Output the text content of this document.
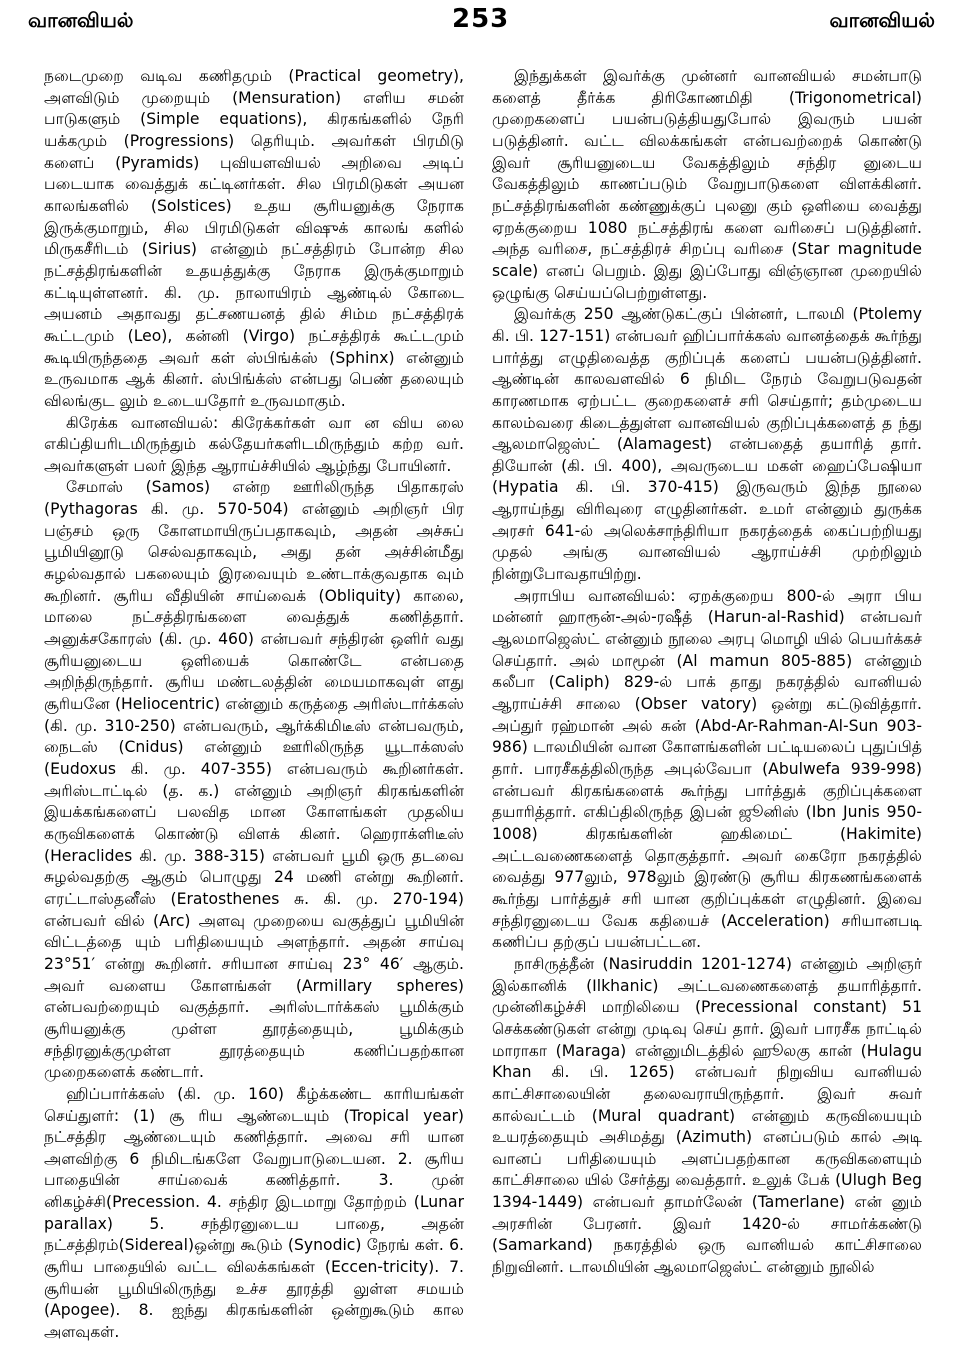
வானவியல்	253	வானவியல்

நடைமுறை வடிவ கணிதமும் (Practical geometry), அளவிடும் முறையும் (Mensuration) எளிய சமன் பாடுகளும் (Simple equations), கிரகங்களில் நேரி யக்கமும் (Progressions) தெரியும். அவர்கள் பிரமிடு களைப் (Pyramids) புவியளவியல் அறிவை அடிப் படையாக வைத்துக் கட்டினர்கள். சில பிரமிடுகள் அயன காலங்களில் (Solstices) உதய சூரியனுக்கு நேராக இருக்குமாறும், சில பிரமிடுகள் விஷுக் காலங் களில் மிருகசீரிடம் (Sirius) என்னும் நட்சத்திரம் போன்ற சில நட்சத்திரங்களின் உதயத்துக்கு நேராக இருக்குமாறும் கட்டியுள்ளனர். கி. மு. நாலாயிரம் ஆண்டில் கோடை அயனம் அதாவது தட்சணயனத் தில் சிம்ம நட்சத்திரக் கூட்டமும் (Leo), கன்னி (Virgo) நட்சத்திரக் கூட்டமும் கூடியிருந்ததை அவர் கள் ஸ்பிங்க்ஸ் (Sphinx) என்னும் உருவமாக ஆக் கினர். ஸ்பிங்க்ஸ் என்பது பெண் தலையும் விலங்குட லும் உடையதோர் உருவமாகும்.

கிரேக்க வானவியல்: கிரேக்கர்கள் வா ன விய லை எகிப்தியரிடமிருந்தும் கல்தேயர்களிடமிருந்தும் கற்ற வர். அவர்களுள் பலர் இந்த ஆராய்ச்சியில் ஆழ்ந்து போயினர்.

சேமாஸ் (Samos) என்ற ஊரிலிருந்த பிதாகரஸ் (Pythagoras கி. மு. 570-504) என்னும் அறிஞர் பிர பஞ்சம் ஒரு கோளமாயிருப்பதாகவும், அதன் அச்சுப் பூமியினூடு செல்வதாகவும், அது தன் அச்சின்மீது சுழல்வதால் பகலையும் இரவையும் உண்டாக்குவதாக வும் கூறினர். சூரிய வீதியின் சாய்வைக் (Obliquity) காலை, மாலை நட்சத்திரங்களை வைத்துக் கணித்தார். அனுக்சகோரஸ் (கி. மு. 460) என்பவர் சந்திரன் ஒளிர் வது சூரியனுடைய ஒளியைக் கொண்டே என்பதை அறிந்திருந்தார். சூரிய மண்டலத்தின் மையமாகவுள் ளது சூரியனே (Heliocentric) என்னும் கருத்தை அரிஸ்டார்க்கஸ் (கி. மு. 310-250) என்பவரும், ஆர்க்கிமிடீஸ் என்பவரும், நைடஸ் (Cnidus) என்னும் ஊரிலிருந்த யூடாக்ஸஸ் (Eudoxus கி. மு. 407-355) என்பவரும் கூறினர்கள். அரிஸ்டாட்டில் (த. க.) என்னும் அறிஞர் கிரகங்களின் இயக்கங்களைப் பலவித மான கோளங்கள் முதலிய கருவிகளைக் கொண்டு விளக் கினர். ஹெராக்ளிடீஸ் (Heraclides கி. மு. 388-315) என்பவர் பூமி ஒரு தடவை சுழல்வதற்கு ஆகும் பொழுது 24 மணி என்று கூறினர். எரட்டாஸ்தனீஸ் (Eratosthenes சு. கி. மு. 270-194) என்பவர் வில் (Arc) அளவு முறையை வகுத்துப் பூமியின் விட்டத்தை யும் பரிதியையும் அளந்தார். அதன் சாய்வு 23°51′ என்று கூறினர். சரியான சாய்வு 23° 46′ ஆகும். அவர் வளைய கோளங்கள் (Armillary spheres) என்பவற்றையும் வகுத்தார். அரிஸ்டார்க்கஸ் பூமிக்கும் சூரியனுக்கு முள்ள தூரத்தையும், பூமிக்கும் சந்திரனுக்குமுள்ள தூரத்தையும் கணிப்பதற்கான முறைகளைக் கண்டார்.

ஹிப்பார்க்கஸ் (கி. மு. 160) கீழ்க்கண்ட காரியங்கள் செய்துளர்: (1) சூ ரிய ஆண்டையும் (Tropical year) நட்சத்திர ஆண்டையும் கணித்தார். அவை சரி யான அளவிற்கு 6 நிமிடங்களே வேறுபாடுடையன. 2. சூரிய பாதையின் சாய்வைக் கணித்தார். 3. முன் னிகழ்ச்சி(Precession. 4. சந்திர இடமாறு தோற்றம் (Lunar parallax) 5. சந்திரனுடைய பாதை, அதன் நட்சத்திரம்(Sidereal)ஒன்று கூடும் (Synodic) நேரங் கள். 6. சூரிய பாதையில் வட்ட விலக்கங்கள் (Eccen-tricity). 7. சூரியன் பூமியிலிருந்து உச்ச தூரத்தி லுள்ள சமயம் (Apogee). 8. ஐந்து கிரகங்களின் ஒன்றுகூடும் கால அளவுகள்.

இந்துக்கள் இவர்க்கு முன்னர் வானவியல் சமன்பாடு களைத் தீர்க்க திரிகோணமிதி (Trigonometrical) முறைகளைப் பயன்படுத்தியதுபோல் இவரும் பயன் படுத்தினர். வட்ட விலக்கங்கள் என்பவற்றைக் கொண்டு இவர் சூரியனுடைய வேகத்திலும் சந்திர னுடைய வேகத்திலும் காணப்படும் வேறுபாடுகளை விளக்கினர். நட்சத்திரங்களின் கண்ணுக்குப் புலனு கும் ஒளியை வைத்து ஏறக்குறைய 1080 நட்சத்திரங் களை வரிசைப் படுத்தினர். அந்த வரிசை, நட்சத்திரச் சிறப்பு வரிசை (Star magnitude scale) எனப் பெறும். இது இப்போது விஞ்ஞான முறையில் ஒழுங்கு செய்யப்பெற்றுள்ளது.

இவர்க்கு 250 ஆண்டுகட்குப் பின்னர், டாலமி (Ptolemy கி. பி. 127-151) என்பவர் ஹிப்பார்க்கஸ் வானத்தைக் கூர்ந்து பார்த்து எழுதிவைத்த குறிப்புக் களைப் பயன்படுத்தினர். ஆண்டின் காலவளவில் 6 நிமிட நேரம் வேறுபடுவதன் காரணமாக ஏற்பட்ட குறைகளைச் சரி செய்தார்; தம்முடைய காலம்வரை கிடைத்துள்ள வானவியல் குறிப்புக்களைத் த ந்து ஆலமாஜெஸ்ட் (Alamagest) என்பதைத் தயாரித் தார். தியோன் (கி. பி. 400), அவருடைய மகள் ஹைப்பேஷியா (Hypatia கி. பி. 370-415) இருவரும் இந்த நூலை ஆராய்ந்து விரிவுரை எழுதினர்கள். உமர் என்னும் துருக்க அரசர் 641-ல் அலெக்சாந்திரியா நகரத்தைக் கைப்பற்றியது முதல் அங்கு வானவியல் ஆராய்ச்சி முற்றிலும் நின்றுபோவதாயிற்று.

அராபிய வானவியல்: ஏறக்குறைய 800-ல் அரா பிய மன்னர் ஹாரூன்-அல்-ரஷீத் (Harun-al-Rashid) என்பவர் ஆலமாஜெஸ்ட் என்னும் நூலை அரபு மொழி யில் பெயர்க்கச் செய்தார். அல் மாமூன் (Al mamun 805-885) என்னும் கலீபா (Caliph) 829-ல் பாக் தாது நகரத்தில் வானியல் ஆராய்ச்சி சாலை (Obser vatory) ஒன்று கட்டுவித்தார். அப்துர் ரஹ்மான் அல் சுன் (Abd-Ar-Rahman-Al-Sun 903-986) டாலமியின் வான கோளங்களின் பட்டியலைப் புதுப்பித் தார். பாரசீகத்திலிருந்த அபுல்வேபா (Abulwefa 939-998) என்பவர் கிரகங்களைக் கூர்ந்து பார்த்துக் குறிப்புக்களை தயாரித்தார். எகிப்திலிருந்த இபன் ஜூனிஸ் (Ibn Junis 950-1008) கிரகங்களின் ஹகிமைட் (Hakimite) அட்டவணைகளைத் தொகுத்தார். அவர் கைரோ நகரத்தில் வைத்து 977லும், 978லும் இரண்டு சூரிய கிரகணங்களைக் கூர்ந்து பார்த்துச் சரி யான குறிப்புக்கள் எழுதினர். இவை சந்திரனுடைய வேக கதியைச் (Acceleration) சரியானபடி கணிப்ப தற்குப் பயன்பட்டன.

நாசிருத்தீன் (Nasiruddin 1201-1274) என்னும் அறிஞர் இல்கானிக் (Ilkhanic) அட்டவணைகளைத் தயாரித்தார். முன்னிகழ்ச்சி மாறிலியை (Precessional constant) 51 செக்கண்டுகள் என்று முடிவு செய் தார். இவர் பாரசீக நாட்டில் மாராகா (Maraga) என்னுமிடத்தில் ஹூலகு கான் (Hulagu Khan கி. பி. 1265) என்பவர் நிறுவிய வானியல் காட்சிசாலையின் தலைவராயிருந்தார். இவர் சுவர் கால்வட்டம் (Mural quadrant) என்னும் கருவியையும் உயரத்தையும் அசிமத்து (Azimuth) எனப்படும் கால் அடி வானப் பரிதியையும் அளப்பதற்கான கருவிகளையும் காட்சிசாலை யில் சேர்த்து வைத்தார். உலுக் பேக் (Ulugh Beg 1394-1449) என்பவர் தாமர்லேன் (Tamerlane) என் னும் அரசரின் பேரனர். இவர் 1420-ல் சாமர்க்கண்டு (Samarkand) நகரத்தில் ஒரு வானியல் காட்சிசாலை நிறுவினர். டாலமியின் ஆலமாஜெஸ்ட் என்னும் நூலில்
